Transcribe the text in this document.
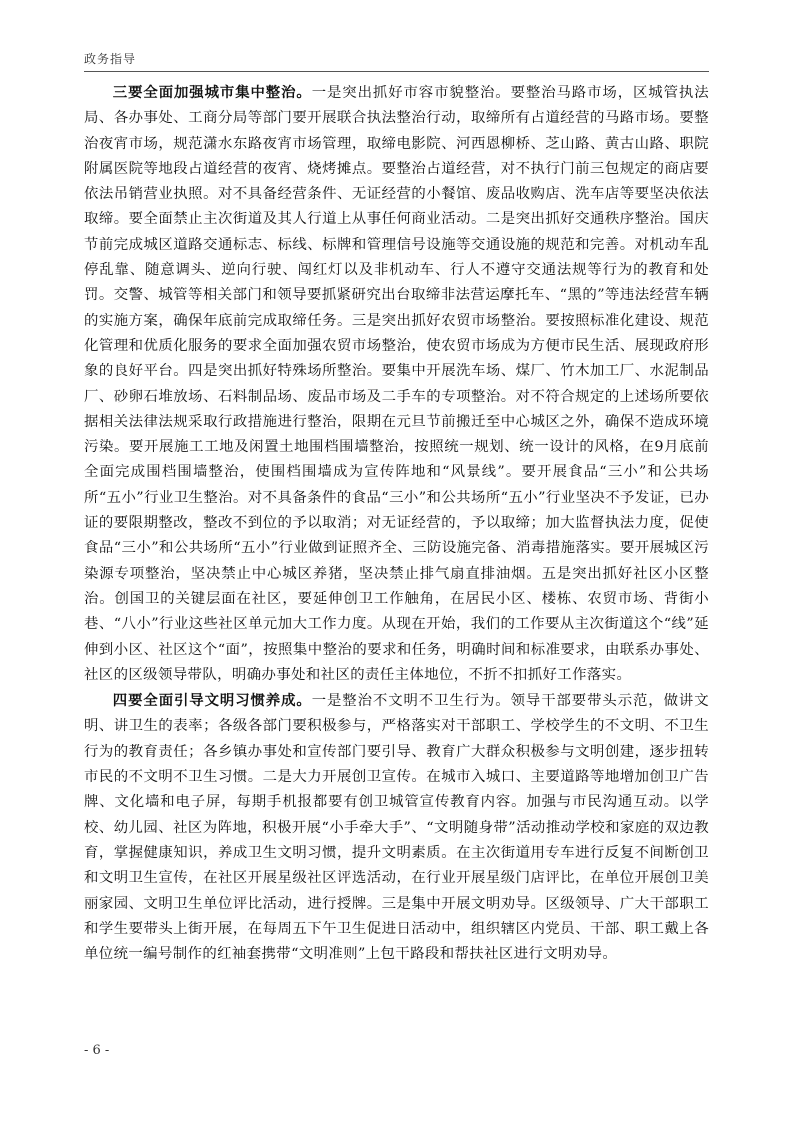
政务指导

三要全面加强城市集中整治。一是突出抓好市容市貌整治。要整治马路市场，区城管执法局、各办事处、工商分局等部门要开展联合执法整治行动，取缔所有占道经营的马路市场。要整治夜宵市场，规范潇水东路夜宵市场管理，取缔电影院、河西恩柳桥、芝山路、黄古山路、职院附属医院等地段占道经营的夜宵、烧烤摊点。要整治占道经营，对不执行门前三包规定的商店要依法吊销营业执照。对不具备经营条件、无证经营的小餐馆、废品收购店、洗车店等要坚决依法取缔。要全面禁止主次街道及其人行道上从事任何商业活动。二是突出抓好交通秩序整治。国庆节前完成城区道路交通标志、标线、标牌和管理信号设施等交通设施的规范和完善。对机动车乱停乱靠、随意调头、逆向行驶、闯红灯以及非机动车、行人不遵守交通法规等行为的教育和处罚。交警、城管等相关部门和领导要抓紧研究出台取缔非法营运摩托车、“黑的”等违法经营车辆的实施方案，确保年底前完成取缔任务。三是突出抓好农贸市场整治。要按照标准化建设、规范化管理和优质化服务的要求全面加强农贸市场整治，使农贸市场成为方便市民生活、展现政府形象的良好平台。四是突出抓好特殊场所整治。要集中开展洗车场、煤厂、竹木加工厂、水泥制品厂、砂卵石堆放场、石料制品场、废品市场及二手车的专项整治。对不符合规定的上述场所要依据相关法律法规采取行政措施进行整治，限期在元旦节前搬迁至中心城区之外，确保不造成环境污染。要开展施工工地及闲置土地围档围墙整治，按照统一规划、统一设计的风格，在9月底前全面完成围档围墙整治，使围档围墙成为宣传阵地和“风景线”。要开展食品“三小”和公共场所“五小”行业卫生整治。对不具备条件的食品“三小”和公共场所“五小”行业坚决不予发证，已办证的要限期整改，整改不到位的予以取消；对无证经营的，予以取缔；加大监督执法力度，促使食品“三小”和公共场所“五小”行业做到证照齐全、三防设施完备、消毒措施落实。要开展城区污染源专项整治，坚决禁止中心城区养猪，坚决禁止排气扇直排油烟。五是突出抓好社区小区整治。创国卫的关键层面在社区，要延伸创卫工作触角，在居民小区、楼栋、农贸市场、背街小巷、“八小”行业这些社区单元加大工作力度。从现在开始，我们的工作要从主次街道这个“线”延伸到小区、社区这个“面”，按照集中整治的要求和任务，明确时间和标准要求，由联系办事处、社区的区级领导带队，明确办事处和社区的责任主体地位，不折不扣抓好工作落实。

四要全面引导文明习惯养成。一是整治不文明不卫生行为。领导干部要带头示范，做讲文明、讲卫生的表率；各级各部门要积极参与，严格落实对干部职工、学校学生的不文明、不卫生行为的教育责任；各乡镇办事处和宣传部门要引导、教育广大群众积极参与文明创建，逐步扭转市民的不文明不卫生习惯。二是大力开展创卫宣传。在城市入城口、主要道路等地增加创卫广告牌、文化墙和电子屏，每期手机报都要有创卫城管宣传教育内容。加强与市民沟通互动。以学校、幼儿园、社区为阵地，积极开展“小手牵大手”、“文明随身带”活动推动学校和家庭的双边教育，掌握健康知识，养成卫生文明习惯，提升文明素质。在主次街道用专车进行反复不间断创卫和文明卫生宣传，在社区开展星级社区评选活动，在行业开展星级门店评比，在单位开展创卫美丽家园、文明卫生单位评比活动，进行授牌。三是集中开展文明劝导。区级领导、广大干部职工和学生要带头上街开展，在每周五下午卫生促进日活动中，组织辖区内党员、干部、职工戴上各单位统一编号制作的红袖套携带“文明准则”上包干路段和帮扶社区进行文明劝导。

- 6 -
